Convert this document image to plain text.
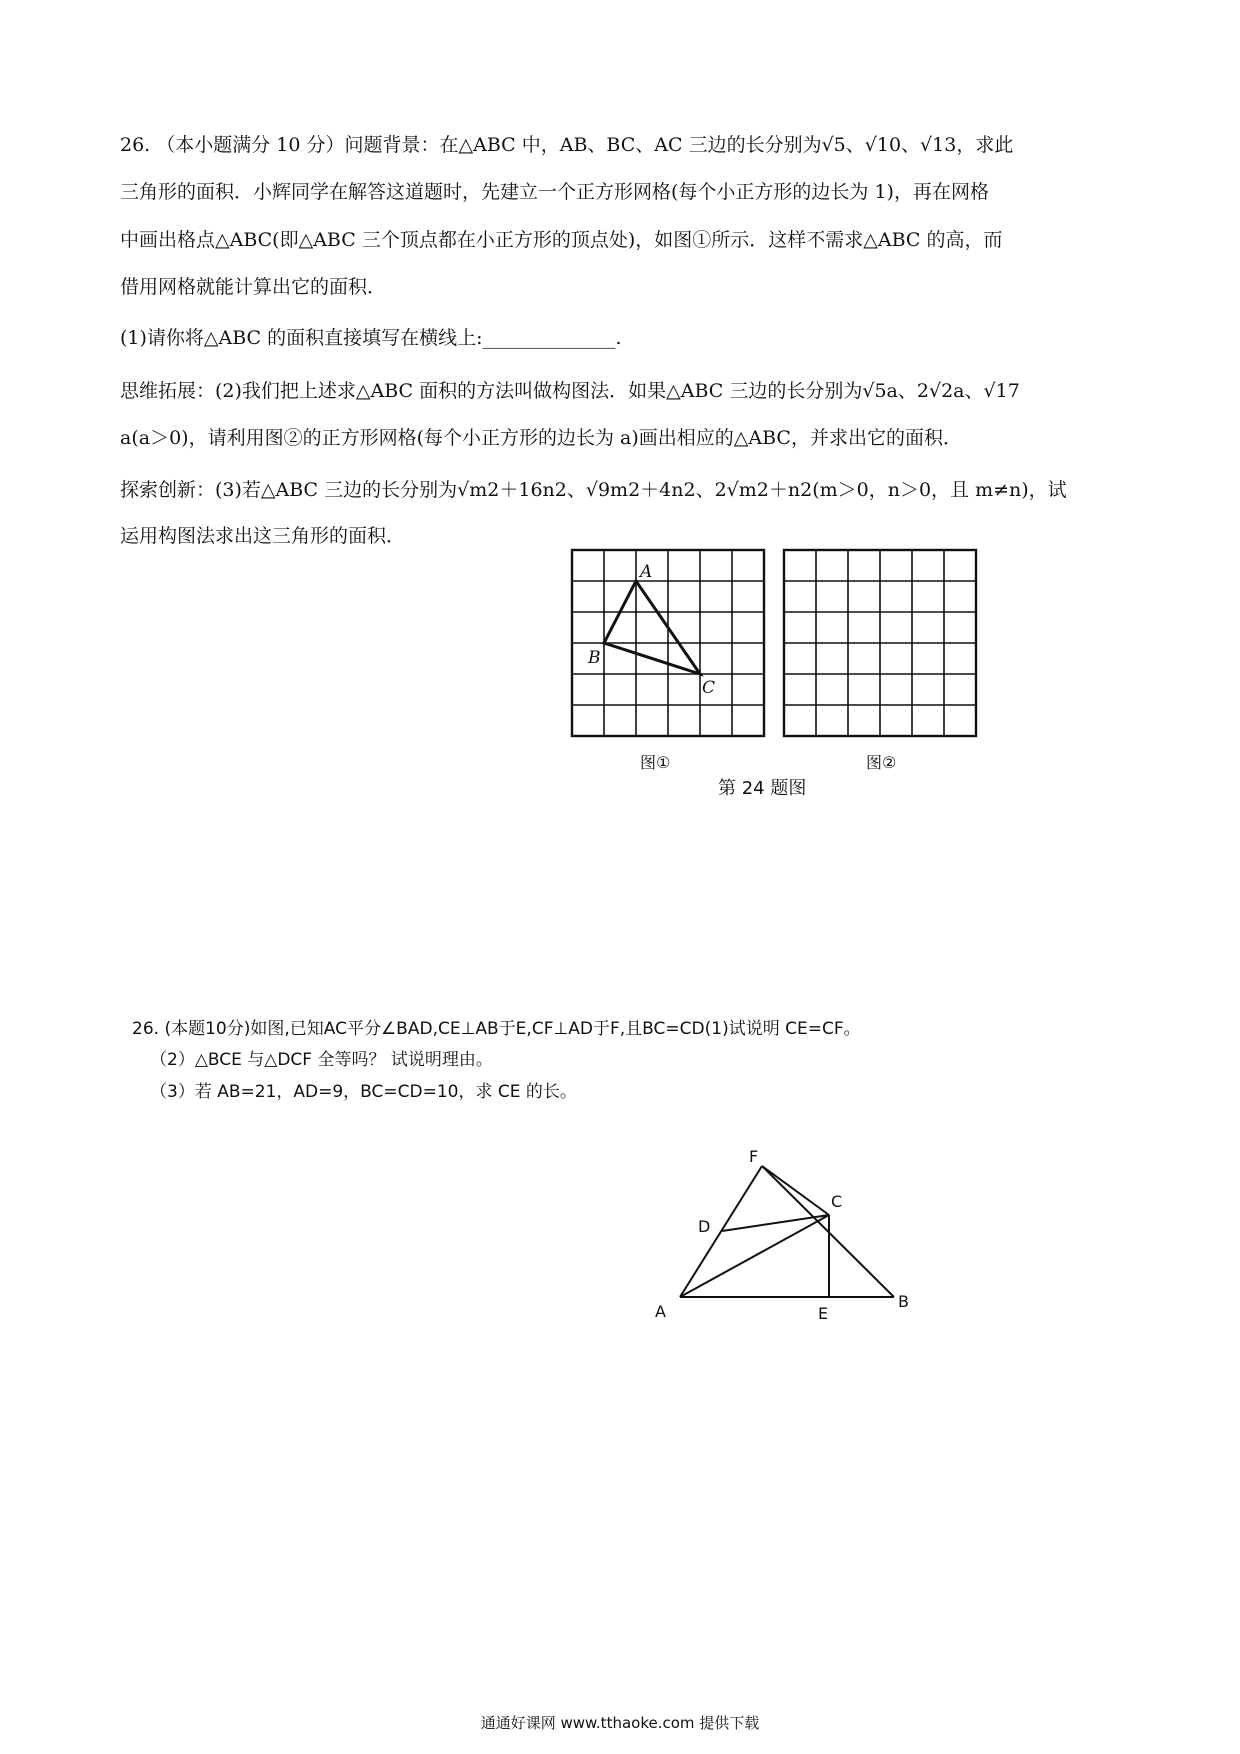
26. （本小题满分 10 分）问题背景：在△ABC 中，AB、BC、AC 三边的长分别为√5、√10、√13，求此
三角形的面积．小辉同学在解答这道题时，先建立一个正方形网格(每个小正方形的边长为 1)，再在网格
中画出格点△ABC(即△ABC 三个顶点都在小正方形的顶点处)，如图①所示．这样不需求△ABC 的高，而
借用网格就能计算出它的面积．
(1)请你将△ABC 的面积直接填写在横线上:______________.
思维拓展：(2)我们把上述求△ABC 面积的方法叫做构图法．如果△ABC 三边的长分别为√5a、2√2a、√17
a(a＞0)，请利用图②的正方形网格(每个小正方形的边长为 a)画出相应的△ABC，并求出它的面积．
探索创新：(3)若△ABC 三边的长分别为√m2＋16n2、√9m2＋4n2、2√m2＋n2(m＞0，n＞0，且 m≠n)，试
运用构图法求出这三角形的面积．
A
B
C
图①	图②
第 24 题图
26. (本题10分)如图,已知AC平分∠BAD,CE⊥AB于E,CF⊥AD于F,且BC=CD(1)试说明 CE=CF。
（2）△BCE 与△DCF 全等吗？ 试说明理由。
（3）若 AB=21，AD=9，BC=CD=10，求 CE 的长。
F
C
D
A	E
B
通通好课网 www.tthaoke.com 提供下载
